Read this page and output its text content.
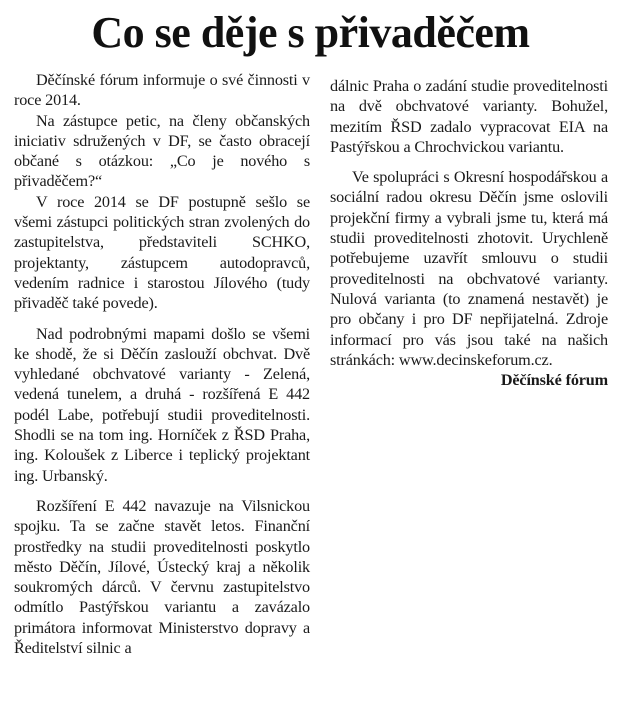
Co se děje s přivaděčem

Děčínské fórum informuje o své činnosti v roce 2014.

Na zástupce petic, na členy občanských iniciativ sdružených v DF, se často obracejí občané s otázkou: „Co je nového s přivaděčem?“

V roce 2014 se DF postupně sešlo se všemi zástupci politických stran zvolených do zastupitelstva, představiteli SCHKO, projektanty, zástupcem autodopravců, vedením radnice i starostou Jílového (tudy přivaděč také povede).

Nad podrobnými mapami došlo se všemi ke shodě, že si Děčín zaslouží obchvat. Dvě vyhledané obchvatové varianty - Zelená, vedená tunelem, a druhá - rozšířená E 442 podél Labe, potřebují studii proveditelnosti. Shodli se na tom ing. Horníček z ŘSD Praha, ing. Koloušek z Liberce i teplický projektant ing. Urbanský.

Rozšíření E 442 navazuje na Vilsnickou spojku. Ta se začne stavět letos. Finanční prostředky na studii proveditelnosti poskytlo město Děčín, Jílové, Ústecký kraj a několik soukromých dárců. V červnu zastupitelstvo odmítlo Pastýřskou variantu a zavázalo primátora informovat Ministerstvo dopravy a Ředitelství silnic a

dálnic Praha o zadání studie proveditelnosti na dvě obchvatové varianty. Bohužel, mezitím ŘSD zadalo vypracovat EIA na Pastýřskou a Chrochvickou variantu.

Ve spolupráci s Okresní hospodářskou a sociální radou okresu Děčín jsme oslovili projekční firmy a vybrali jsme tu, která má studii proveditelnosti zhotovit. Urychleně potřebujeme uzavřít smlouvu o studii proveditelnosti na obchvatové varianty. Nulová varianta (to znamená nestavět) je pro občany i pro DF nepřijatelná. Zdroje informací pro vás jsou také na našich stránkách: www.decinskeforum.cz.

Děčínské fórum
